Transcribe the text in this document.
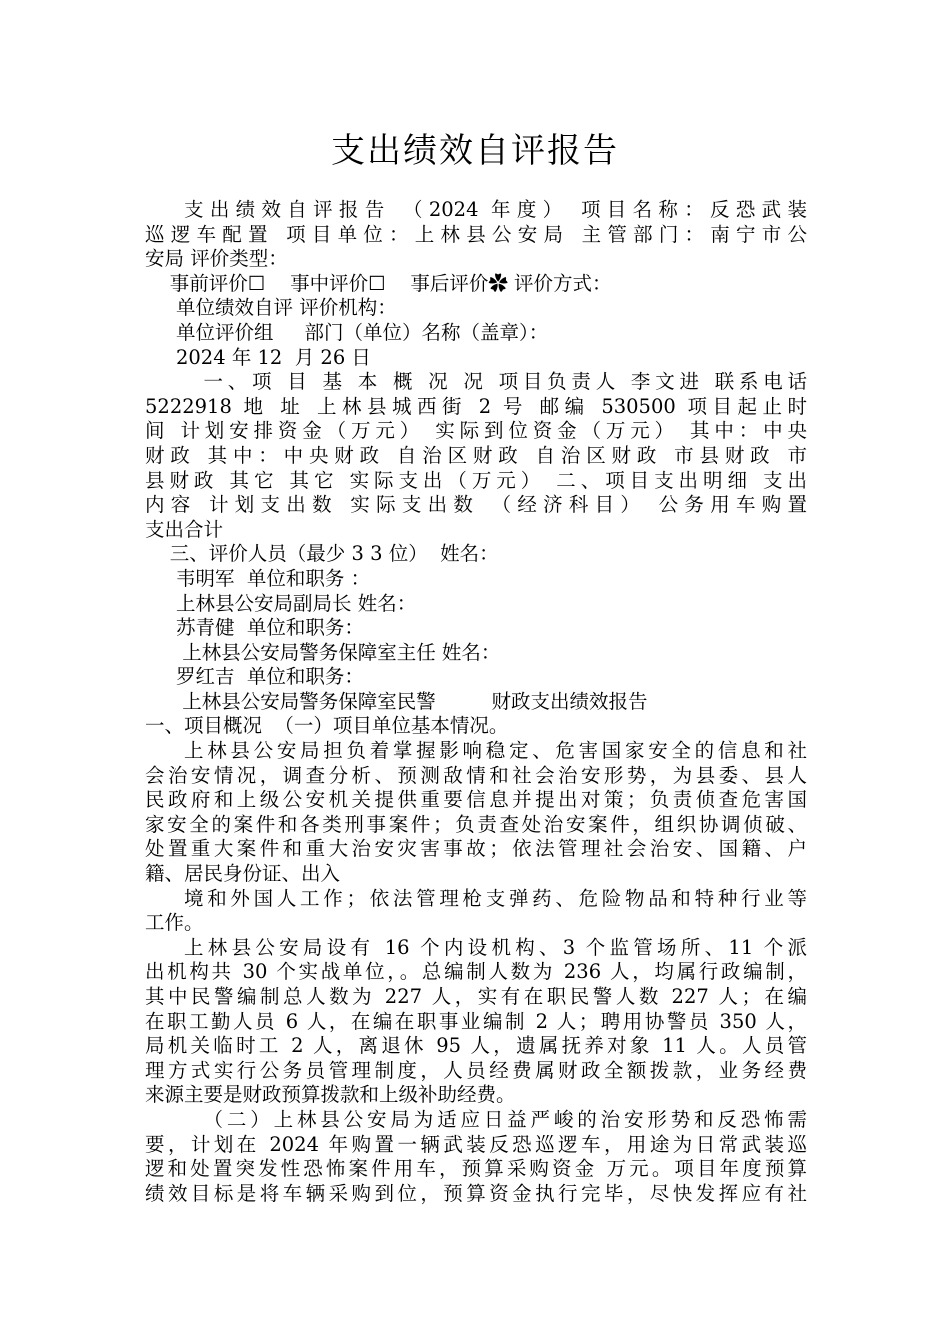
支出绩效自评报告
支出绩效自评报告 （2024 年度） 项目名称：反恐武装
巡逻车配置 项目单位：上林县公安局 主管部门：南宁市公
安局 评价类型：
事前评价☐    事中评价☐    事后评价✿ 评价方式：
单位绩效自评 评价机构：
单位评价组     部门（单位）名称（盖章）：
2024 年 12  月 26 日
一、项 目 基 本 概 况 况 项目负责人 李文进 联系电话
5222918 地 址 上林县城西街 2 号 邮编 530500 项目起止时
间 计划安排资金（万元） 实际到位资金（万元） 其中：中央
财政 其中：中央财政 自治区财政 自治区财政 市县财政 市
县财政 其它 其它 实际支出（万元） 二、项目支出明细 支出
内容 计划支出数 实际支出数 （经济科目） 公务用车购置
支出合计
三、评价人员（最少 3 3 位）  姓名：
韦明军  单位和职务 ：
上林县公安局副局长 姓名：
苏青健  单位和职务：
上林县公安局警务保障室主任 姓名：
罗红吉  单位和职务：
上林县公安局警务保障室民警         财政支出绩效报告
一、项目概况  （一）项目单位基本情况。
上林县公安局担负着掌握影响稳定、危害国家安全的信息和社
会治安情况，调查分析、预测敌情和社会治安形势，为县委、县人
民政府和上级公安机关提供重要信息并提出对策；负责侦查危害国
家安全的案件和各类刑事案件；负责查处治安案件，组织协调侦破、
处置重大案件和重大治安灾害事故；依法管理社会治安、国籍、户
籍、居民身份证、出入
境和外国人工作；依法管理枪支弹药、危险物品和特种行业等
工作。
上林县公安局设有 16 个内设机构、3 个监管场所、11 个派
出机构共 30 个实战单位，。总编制人数为 236 人，均属行政编制，
其中民警编制总人数为 227 人，实有在职民警人数 227 人；在编
在职工勤人员 6 人，在编在职事业编制 2 人；聘用协警员 350 人，
局机关临时工 2 人，离退休 95 人，遗属抚养对象 11 人。人员管
理方式实行公务员管理制度，人员经费属财政全额拨款，业务经费
来源主要是财政预算拨款和上级补助经费。
（二）上林县公安局为适应日益严峻的治安形势和反恐怖需
要，计划在 2024 年购置一辆武装反恐巡逻车，用途为日常武装巡
逻和处置突发性恐怖案件用车，预算采购资金 万元。项目年度预算
绩效目标是将车辆采购到位，预算资金执行完毕，尽快发挥应有社
